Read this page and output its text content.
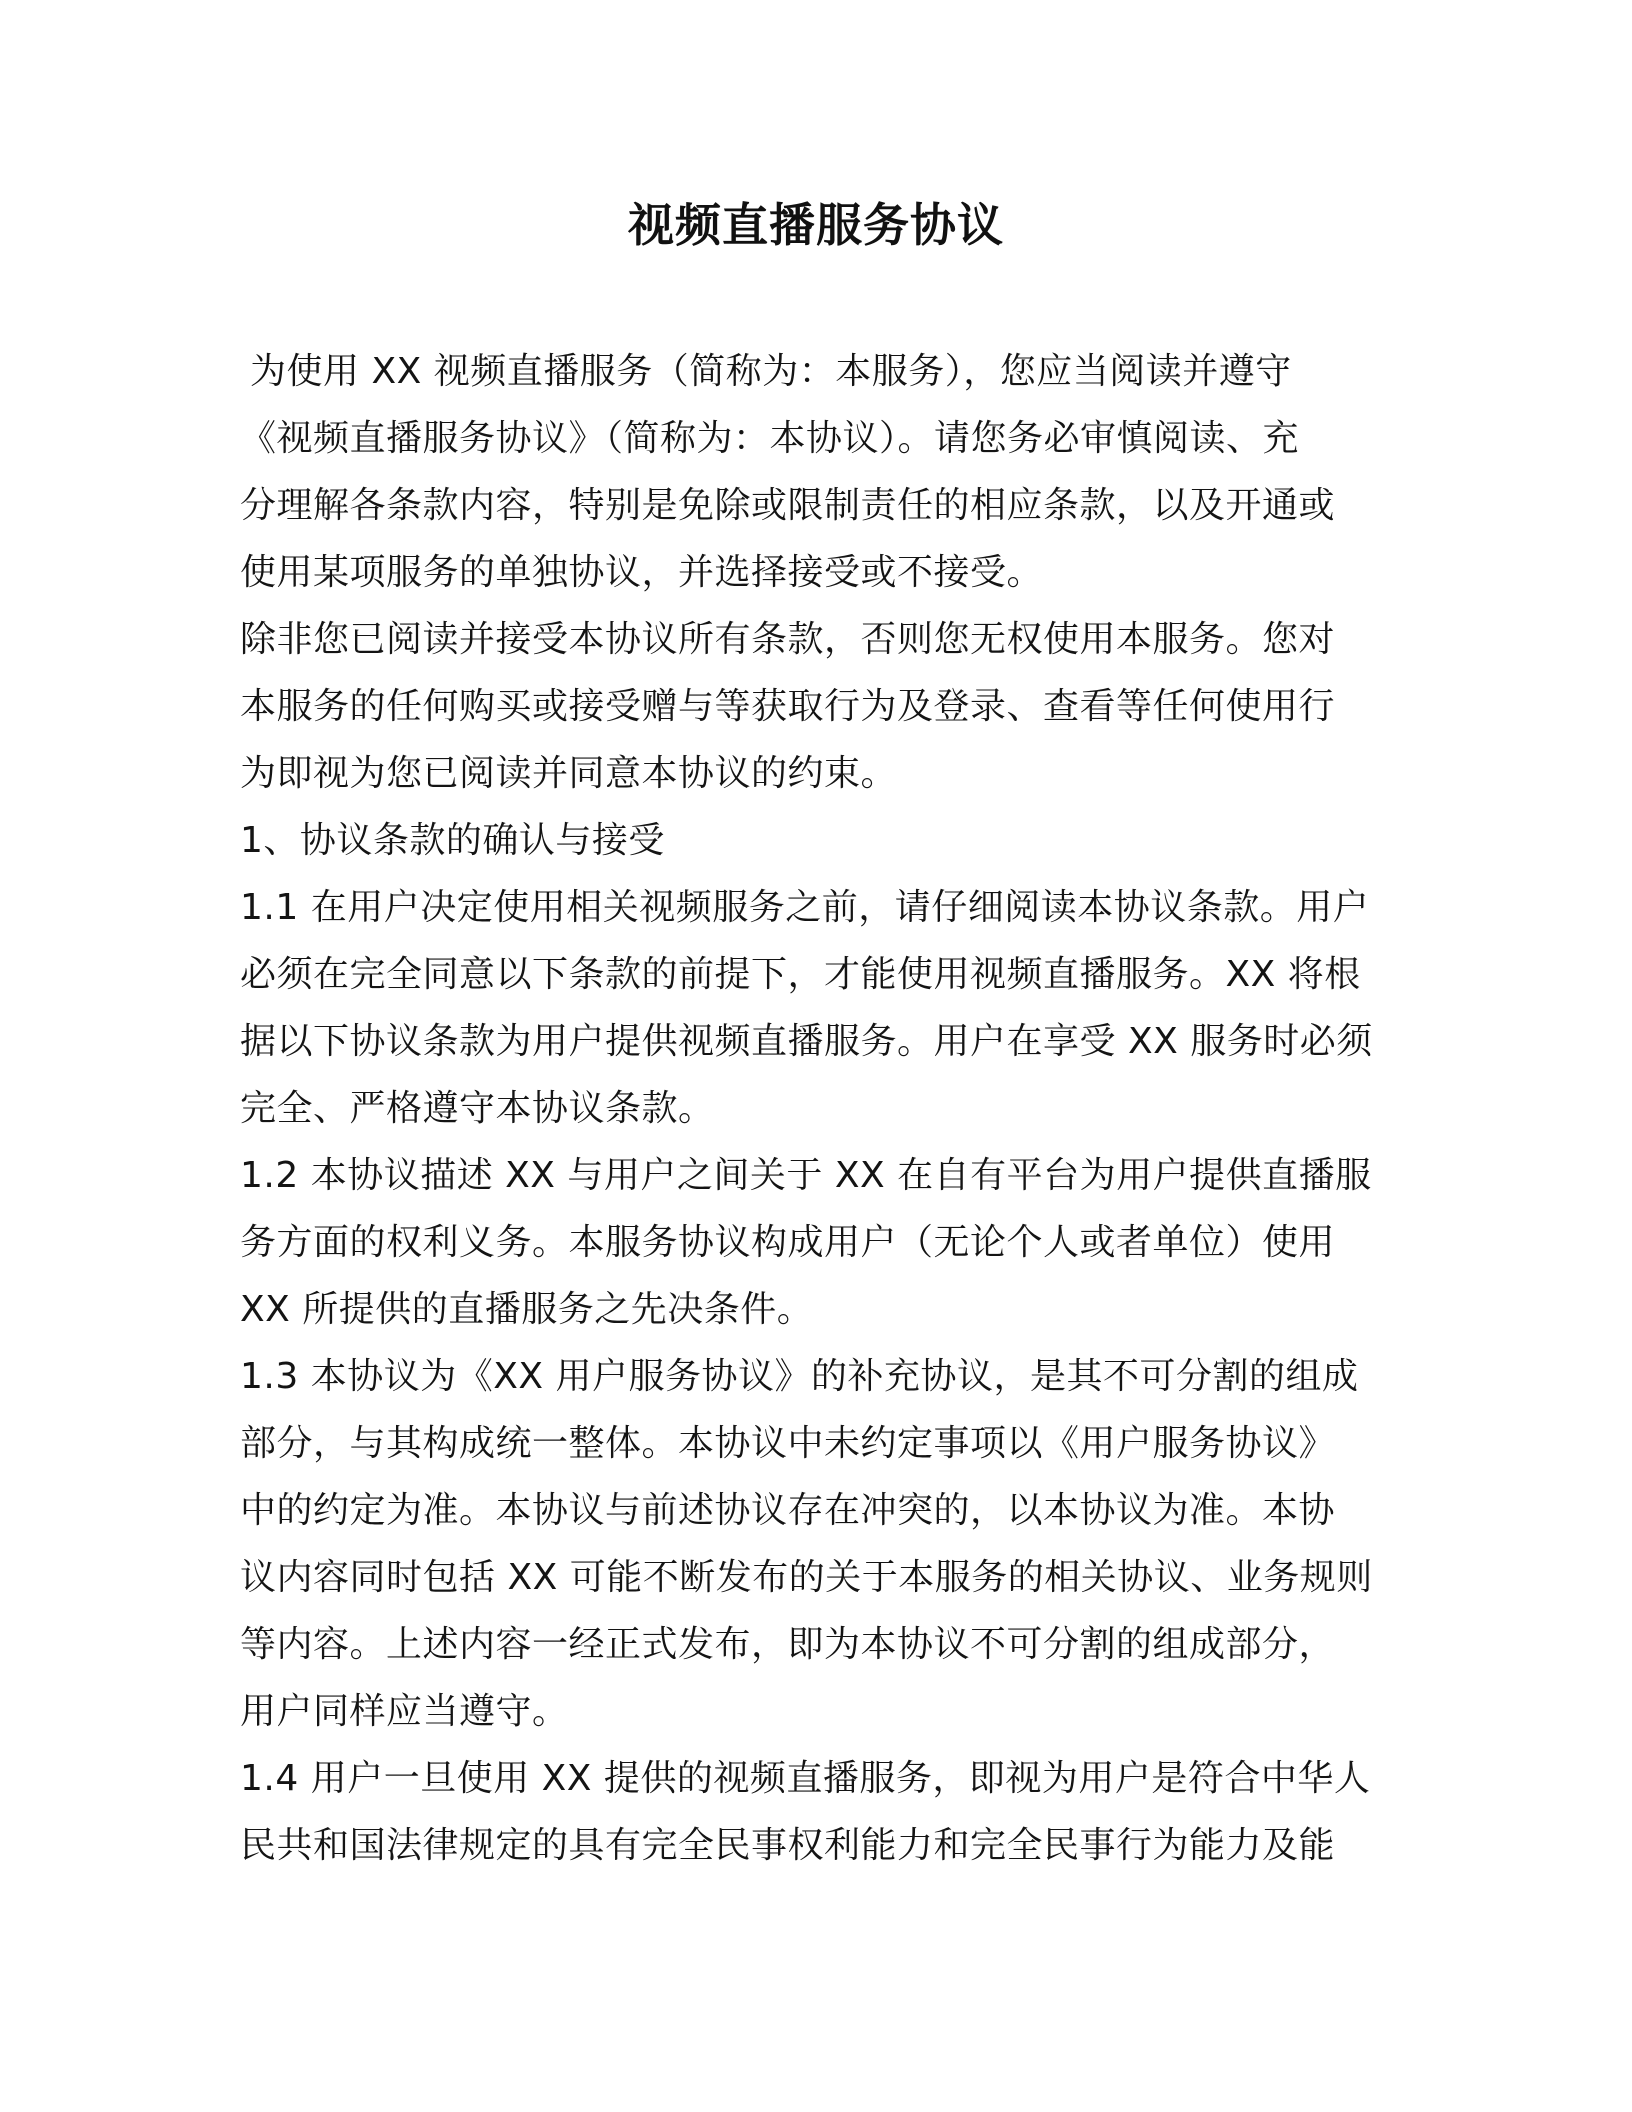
视频直播服务协议
为使用 XX 视频直播服务（简称为：本服务），您应当阅读并遵守
《视频直播服务协议》（简称为：本协议）。请您务必审慎阅读、充
分理解各条款内容，特别是免除或限制责任的相应条款，以及开通或
使用某项服务的单独协议，并选择接受或不接受。
除非您已阅读并接受本协议所有条款，否则您无权使用本服务。您对
本服务的任何购买或接受赠与等获取行为及登录、查看等任何使用行
为即视为您已阅读并同意本协议的约束。
1、协议条款的确认与接受
1.1 在用户决定使用相关视频服务之前，请仔细阅读本协议条款。用户
必须在完全同意以下条款的前提下，才能使用视频直播服务。XX 将根
据以下协议条款为用户提供视频直播服务。用户在享受 XX 服务时必须
完全、严格遵守本协议条款。
1.2 本协议描述 XX 与用户之间关于 XX 在自有平台为用户提供直播服
务方面的权利义务。本服务协议构成用户（无论个人或者单位）使用
XX 所提供的直播服务之先决条件。
1.3 本协议为《XX 用户服务协议》的补充协议，是其不可分割的组成
部分，与其构成统一整体。本协议中未约定事项以《用户服务协议》
中的约定为准。本协议与前述协议存在冲突的，以本协议为准。本协
议内容同时包括 XX 可能不断发布的关于本服务的相关协议、业务规则
等内容。上述内容一经正式发布，即为本协议不可分割的组成部分，
用户同样应当遵守。
1.4 用户一旦使用 XX 提供的视频直播服务，即视为用户是符合中华人
民共和国法律规定的具有完全民事权利能力和完全民事行为能力及能
